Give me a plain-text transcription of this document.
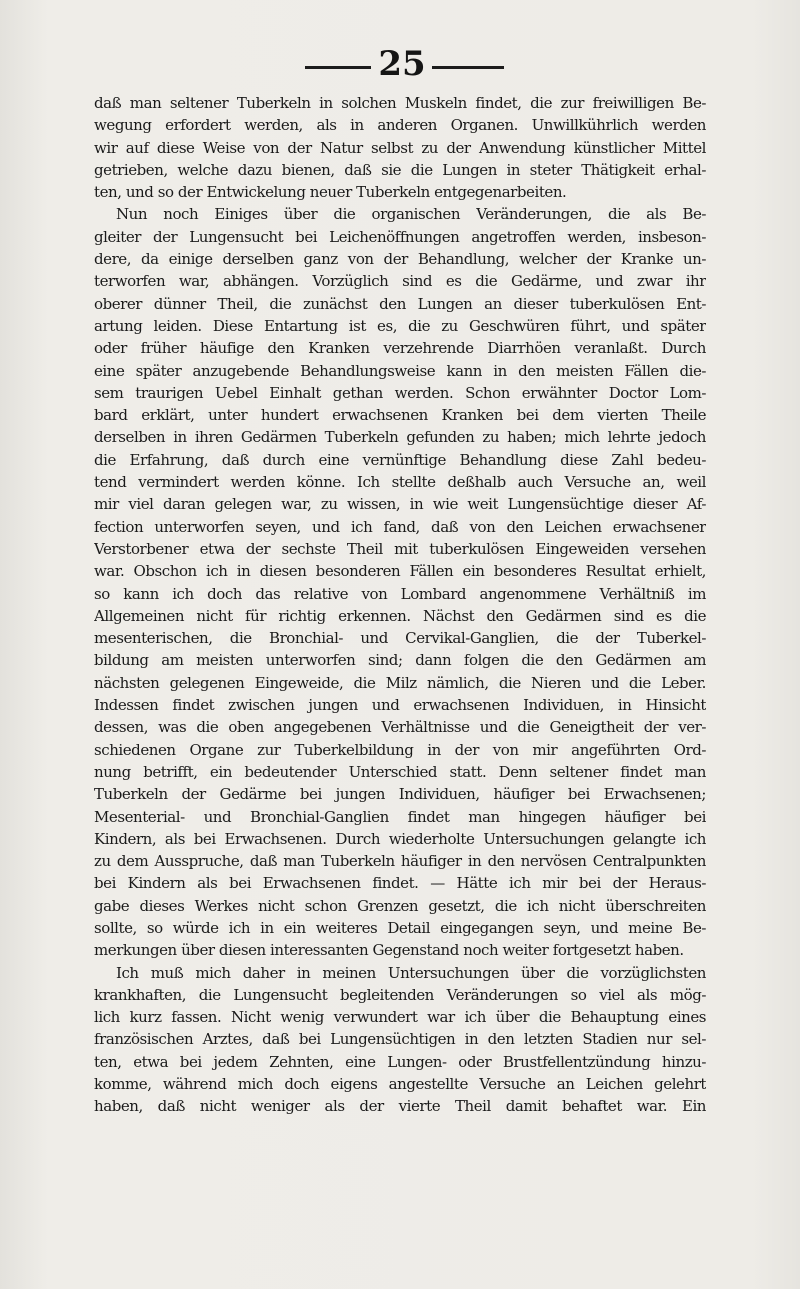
25
daß man seltener Tuberkeln in solchen Muskeln findet, die zur freiwilligen Be-
wegung erfordert werden, als in anderen Organen. Unwillkührlich werden
wir auf diese Weise von der Natur selbst zu der Anwendung künstlicher Mittel
getrieben, welche dazu bienen, daß sie die Lungen in steter Thätigkeit erhal-
ten, und so der Entwickelung neuer Tuberkeln entgegenarbeiten.
Nun noch Einiges über die organischen Veränderungen, die als Be-
gleiter der Lungensucht bei Leichenöffnungen angetroffen werden, insbeson-
dere, da einige derselben ganz von der Behandlung, welcher der Kranke un-
terworfen war, abhängen. Vorzüglich sind es die Gedärme, und zwar ihr
oberer dünner Theil, die zunächst den Lungen an dieser tuberkulösen Ent-
artung leiden. Diese Entartung ist es, die zu Geschwüren führt, und später
oder früher häufige den Kranken verzehrende Diarrhöen veranlaßt. Durch
eine später anzugebende Behandlungsweise kann in den meisten Fällen die-
sem traurigen Uebel Einhalt gethan werden. Schon erwähnter Doctor Lom-
bard erklärt, unter hundert erwachsenen Kranken bei dem vierten Theile
derselben in ihren Gedärmen Tuberkeln gefunden zu haben; mich lehrte jedoch
die Erfahrung, daß durch eine vernünftige Behandlung diese Zahl bedeu-
tend vermindert werden könne. Ich stellte deßhalb auch Versuche an, weil
mir viel daran gelegen war, zu wissen, in wie weit Lungensüchtige dieser Af-
fection unterworfen seyen, und ich fand, daß von den Leichen erwachsener
Verstorbener etwa der sechste Theil mit tuberkulösen Eingeweiden versehen
war. Obschon ich in diesen besonderen Fällen ein besonderes Resultat erhielt,
so kann ich doch das relative von Lombard angenommene Verhältniß im
Allgemeinen nicht für richtig erkennen. Nächst den Gedärmen sind es die
mesenterischen, die Bronchial- und Cervikal-Ganglien, die der Tuberkel-
bildung am meisten unterworfen sind; dann folgen die den Gedärmen am
nächsten gelegenen Eingeweide, die Milz nämlich, die Nieren und die Leber.
Indessen findet zwischen jungen und erwachsenen Individuen, in Hinsicht
dessen, was die oben angegebenen Verhältnisse und die Geneigtheit der ver-
schiedenen Organe zur Tuberkelbildung in der von mir angeführten Ord-
nung betrifft, ein bedeutender Unterschied statt. Denn seltener findet man
Tuberkeln der Gedärme bei jungen Individuen, häufiger bei Erwachsenen;
Mesenterial- und Bronchial-Ganglien findet man hingegen häufiger bei
Kindern, als bei Erwachsenen. Durch wiederholte Untersuchungen gelangte ich
zu dem Ausspruche, daß man Tuberkeln häufiger in den nervösen Centralpunkten
bei Kindern als bei Erwachsenen findet. — Hätte ich mir bei der Heraus-
gabe dieses Werkes nicht schon Grenzen gesetzt, die ich nicht überschreiten
sollte, so würde ich in ein weiteres Detail eingegangen seyn, und meine Be-
merkungen über diesen interessanten Gegenstand noch weiter fortgesetzt haben.
Ich muß mich daher in meinen Untersuchungen über die vorzüglichsten
krankhaften, die Lungensucht begleitenden Veränderungen so viel als mög-
lich kurz fassen. Nicht wenig verwundert war ich über die Behauptung eines
französischen Arztes, daß bei Lungensüchtigen in den letzten Stadien nur sel-
ten, etwa bei jedem Zehnten, eine Lungen- oder Brustfellentzündung hinzu-
komme, während mich doch eigens angestellte Versuche an Leichen gelehrt
haben, daß nicht weniger als der vierte Theil damit behaftet war. Ein
